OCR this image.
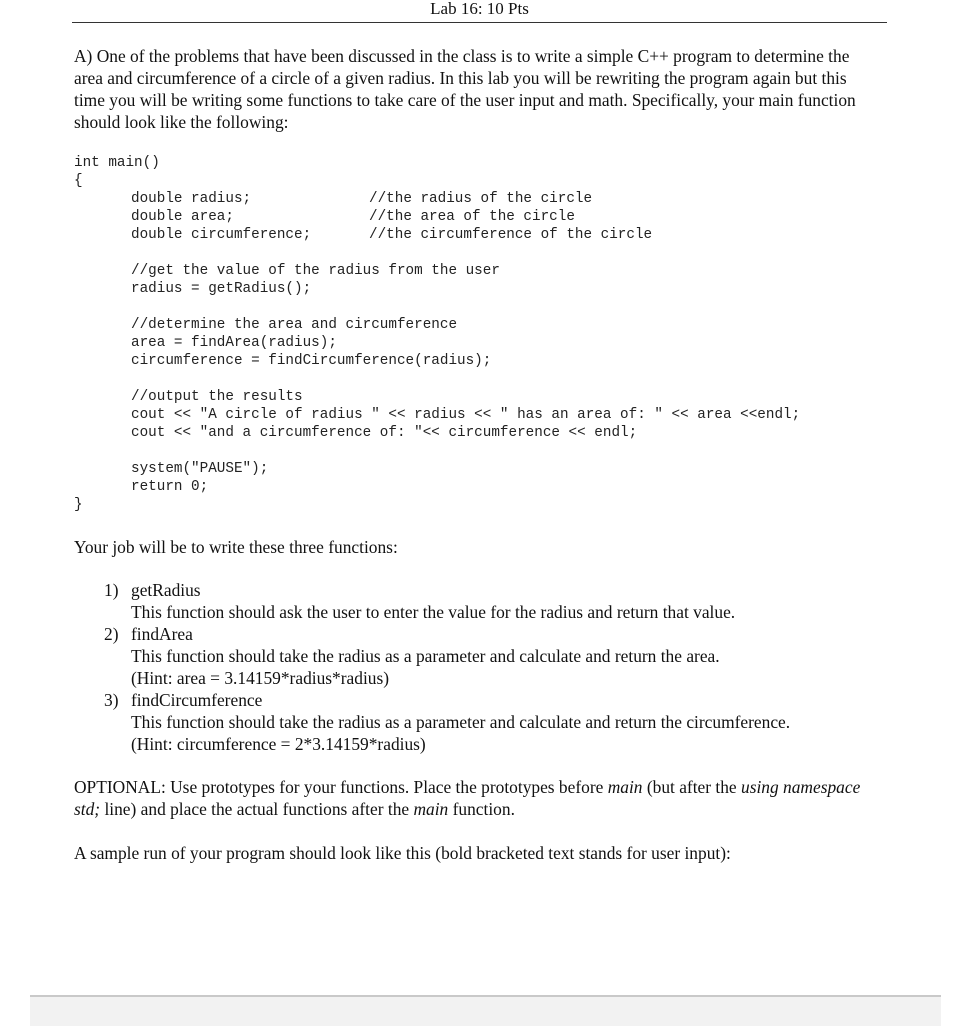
Lab 16: 10 Pts

A) One of the problems that have been discussed in the class is to write a simple C++ program to determine the area and circumference of a circle of a given radius. In this lab you will be rewriting the program again but this time you will be writing some functions to take care of the user input and math. Specifically, your main function should look like the following:

int main()
{
double radius;	//the radius of the circle
double area;	//the area of the circle
double circumference;	//the circumference of the circle
//get the value of the radius from the user
radius = getRadius();
//determine the area and circumference
area = findArea(radius);
circumference = findCircumference(radius);
//output the results
cout << "A circle of radius " << radius << " has an area of: " << area <<endl;
cout << "and a circumference of: "<< circumference << endl;
system("PAUSE");
return 0;
}

Your job will be to write these three functions:

1) getRadius
This function should ask the user to enter the value for the radius and return that value.
2) findArea
This function should take the radius as a parameter and calculate and return the area.
(Hint: area = 3.14159*radius*radius)
3) findCircumference
This function should take the radius as a parameter and calculate and return the circumference.
(Hint: circumference = 2*3.14159*radius)

OPTIONAL: Use prototypes for your functions. Place the prototypes before main (but after the using namespace std; line) and place the actual functions after the main function.

A sample run of your program should look like this (bold bracketed text stands for user input):
